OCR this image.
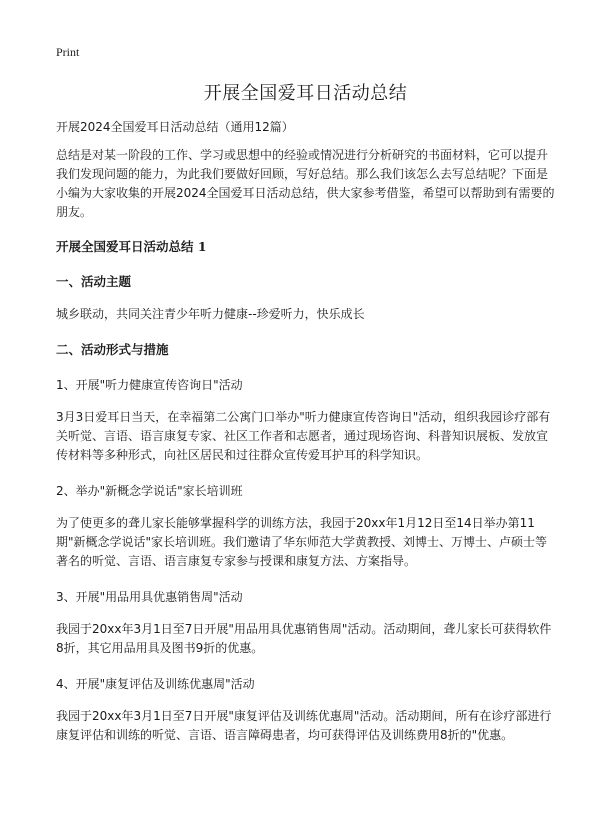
Print

开展全国爱耳日活动总结

开展2024全国爱耳日活动总结（通用12篇）

总结是对某一阶段的工作、学习或思想中的经验或情况进行分析研究的书面材料，它可以提升我们发现问题的能力，为此我们要做好回顾，写好总结。那么我们该怎么去写总结呢？下面是小编为大家收集的开展2024全国爱耳日活动总结，供大家参考借鉴，希望可以帮助到有需要的朋友。

开展全国爱耳日活动总结 1
一、活动主题

城乡联动，共同关注青少年听力健康--珍爱听力，快乐成长

二、活动形式与措施

1、开展"听力健康宣传咨询日"活动

3月3日爱耳日当天，在幸福第二公寓门口举办"听力健康宣传咨询日"活动，组织我园诊疗部有关听觉、言语、语言康复专家、社区工作者和志愿者，通过现场咨询、科普知识展板、发放宣传材料等多种形式，向社区居民和过往群众宣传爱耳护耳的科学知识。

2、举办"新概念学说话"家长培训班

为了使更多的聋儿家长能够掌握科学的训练方法，我园于20xx年1月12日至14日举办第11期"新概念学说话"家长培训班。我们邀请了华东师范大学黄教授、刘博士、万博士、卢硕士等著名的听觉、言语、语言康复专家参与授课和康复方法、方案指导。

3、开展"用品用具优惠销售周"活动

我园于20xx年3月1日至7日开展"用品用具优惠销售周"活动。活动期间，聋儿家长可获得软件8折，其它用品用具及图书9折的优惠。

4、开展"康复评估及训练优惠周"活动

我园于20xx年3月1日至7日开展"康复评估及训练优惠周"活动。活动期间，所有在诊疗部进行康复评估和训练的听觉、言语、语言障碍患者，均可获得评估及训练费用8折的"优惠。
